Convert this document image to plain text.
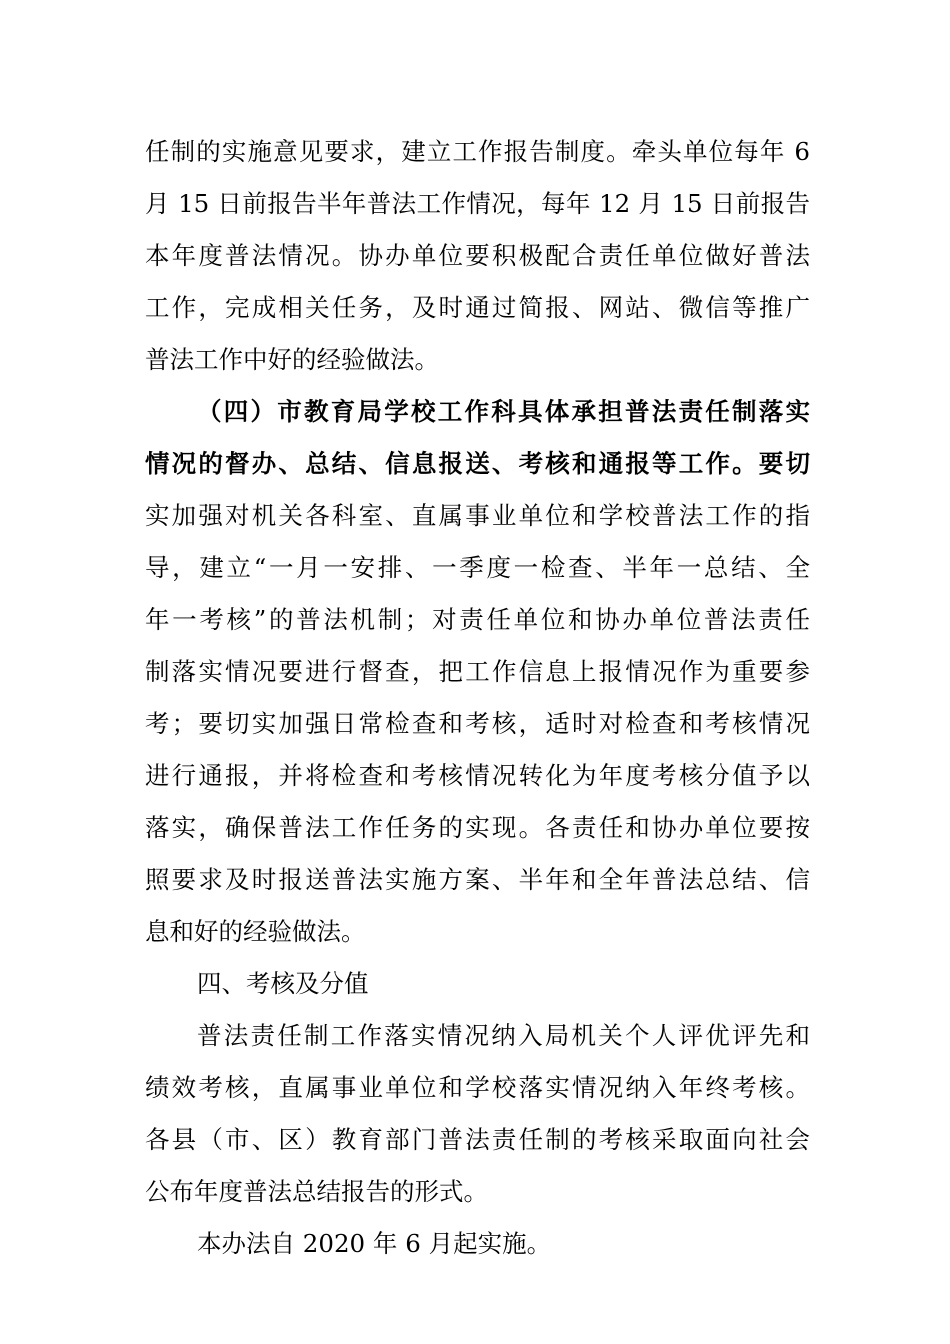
任制的实施意见要求，建立工作报告制度。牵头单位每年 6
月 15 日前报告半年普法工作情况，每年 12 月 15 日前报告
本年度普法情况。协办单位要积极配合责任单位做好普法
工作，完成相关任务，及时通过简报、网站、微信等推广
普法工作中好的经验做法。
（四）市教育局学校工作科具体承担普法责任制落实
情况的督办、总结、信息报送、考核和通报等工作。要切
实加强对机关各科室、直属事业单位和学校普法工作的指
导，建立“一月一安排、一季度一检查、半年一总结、全
年一考核”的普法机制；对责任单位和协办单位普法责任
制落实情况要进行督查，把工作信息上报情况作为重要参
考；要切实加强日常检查和考核，适时对检查和考核情况
进行通报，并将检查和考核情况转化为年度考核分值予以
落实，确保普法工作任务的实现。各责任和协办单位要按
照要求及时报送普法实施方案、半年和全年普法总结、信
息和好的经验做法。
四、考核及分值
普法责任制工作落实情况纳入局机关个人评优评先和
绩效考核，直属事业单位和学校落实情况纳入年终考核。
各县（市、区）教育部门普法责任制的考核采取面向社会
公布年度普法总结报告的形式。
本办法自 2020 年 6 月起实施。
